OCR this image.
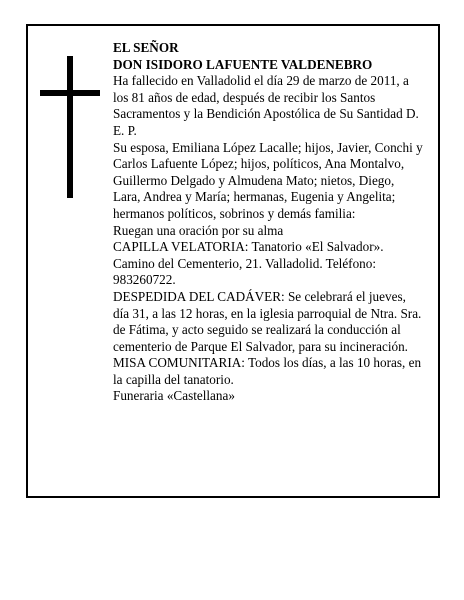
EL SEÑOR

DON ISIDORO LAFUENTE VALDENEBRO

Ha fallecido en Valladolid el día 29 de marzo de 2011, a los 81 años de edad, después de recibir los Santos Sacramentos y la Bendición Apostólica de Su Santidad D. E. P.

Su esposa, Emiliana López Lacalle; hijos, Javier, Conchi y Carlos Lafuente López; hijos, políticos, Ana Montalvo, Guillermo Delgado y Almudena Mato; nietos, Diego, Lara, Andrea y María; hermanas, Eugenia y Angelita; hermanos políticos, sobrinos y demás familia:

Ruegan una oración por su alma

CAPILLA VELATORIA: Tanatorio «El Salvador». Camino del Cementerio, 21. Valladolid. Teléfono: 983260722.

DESPEDIDA DEL CADÁVER: Se celebrará el jueves, día 31, a las 12 horas, en la iglesia parroquial de Ntra. Sra. de Fátima, y acto seguido se realizará la conducción al cementerio de Parque El Salvador, para su incineración.

MISA COMUNITARIA: Todos los días, a las 10 horas, en la capilla del tanatorio.

Funeraria «Castellana»
